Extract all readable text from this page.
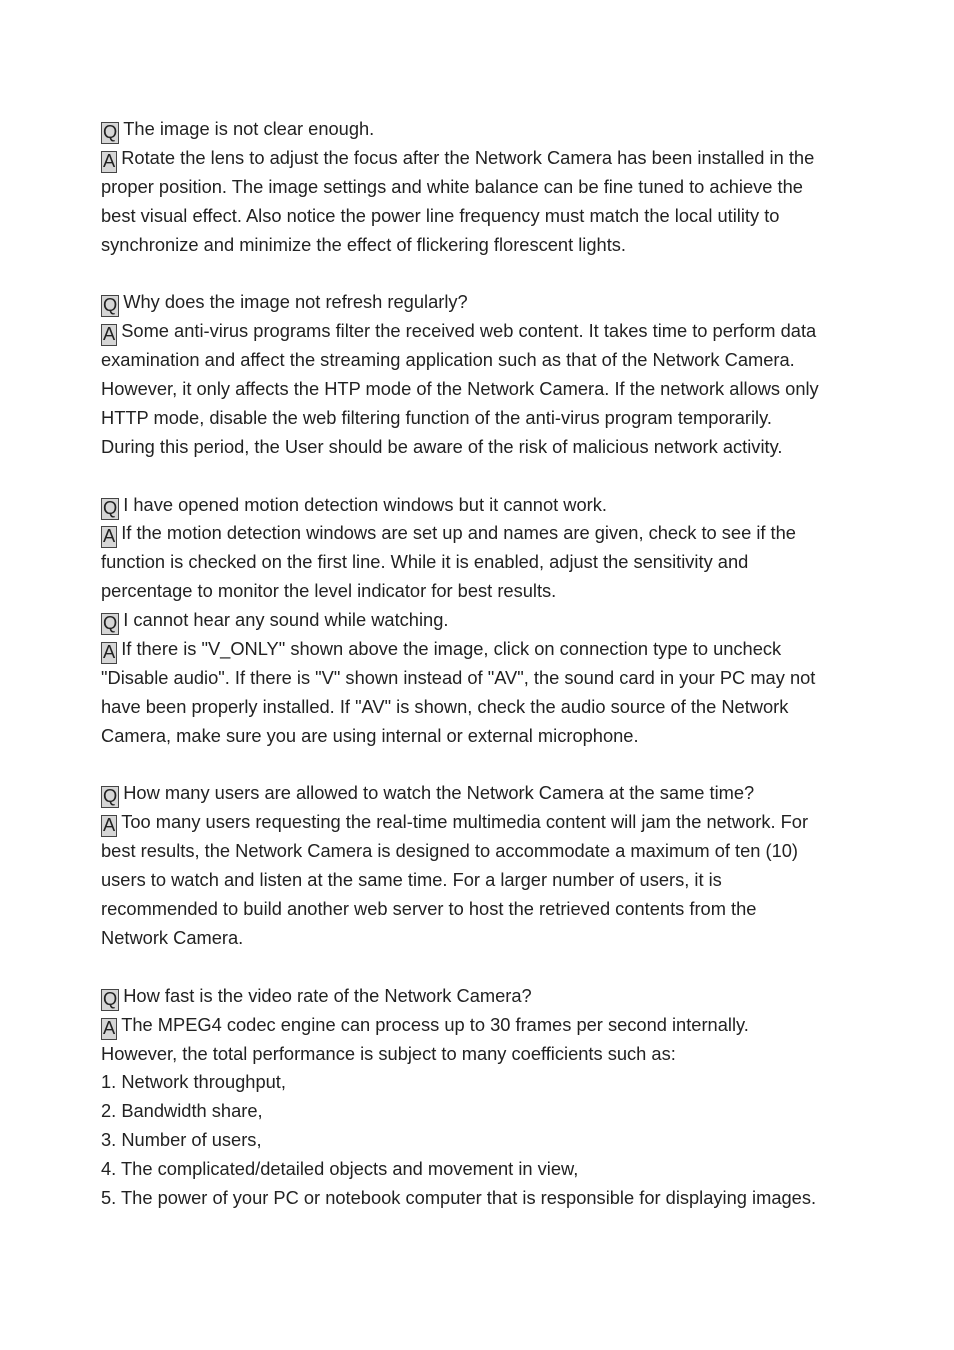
Q The image is not clear enough.
A Rotate the lens to adjust the focus after the Network Camera has been installed in the
proper position. The image settings and white balance can be fine tuned to achieve the
best visual effect. Also notice the power line frequency must match the local utility to
synchronize and minimize the effect of flickering florescent lights.
Q Why does the image not refresh regularly?
A Some anti-virus programs filter the received web content. It takes time to perform data
examination and affect the streaming application such as that of the Network Camera.
However, it only affects the HTP mode of the Network Camera. If the network allows only
HTTP mode, disable the web filtering function of the anti-virus program temporarily.
During this period, the User should be aware of the risk of malicious network activity.
Q I have opened motion detection windows but it cannot work.
A If the motion detection windows are set up and names are given, check to see if the
function is checked on the first line. While it is enabled, adjust the sensitivity and
percentage to monitor the level indicator for best results.
Q I cannot hear any sound while watching.
A If there is "V_ONLY" shown above the image, click on connection type to uncheck
"Disable audio". If there is "V" shown instead of "AV", the sound card in your PC may not
have been properly installed. If "AV" is shown, check the audio source of the Network
Camera, make sure you are using internal or external microphone.
Q How many users are allowed to watch the Network Camera at the same time?
A Too many users requesting the real-time multimedia content will jam the network. For
best results, the Network Camera is designed to accommodate a maximum of ten (10)
users to watch and listen at the same time. For a larger number of users, it is
recommended to build another web server to host the retrieved contents from the
Network Camera.
Q How fast is the video rate of the Network Camera?
A The MPEG4 codec engine can process up to 30 frames per second internally.
However, the total performance is subject to many coefficients such as:
1. Network throughput,
2. Bandwidth share,
3. Number of users,
4. The complicated/detailed objects and movement in view,
5. The power of your PC or notebook computer that is responsible for displaying images.
